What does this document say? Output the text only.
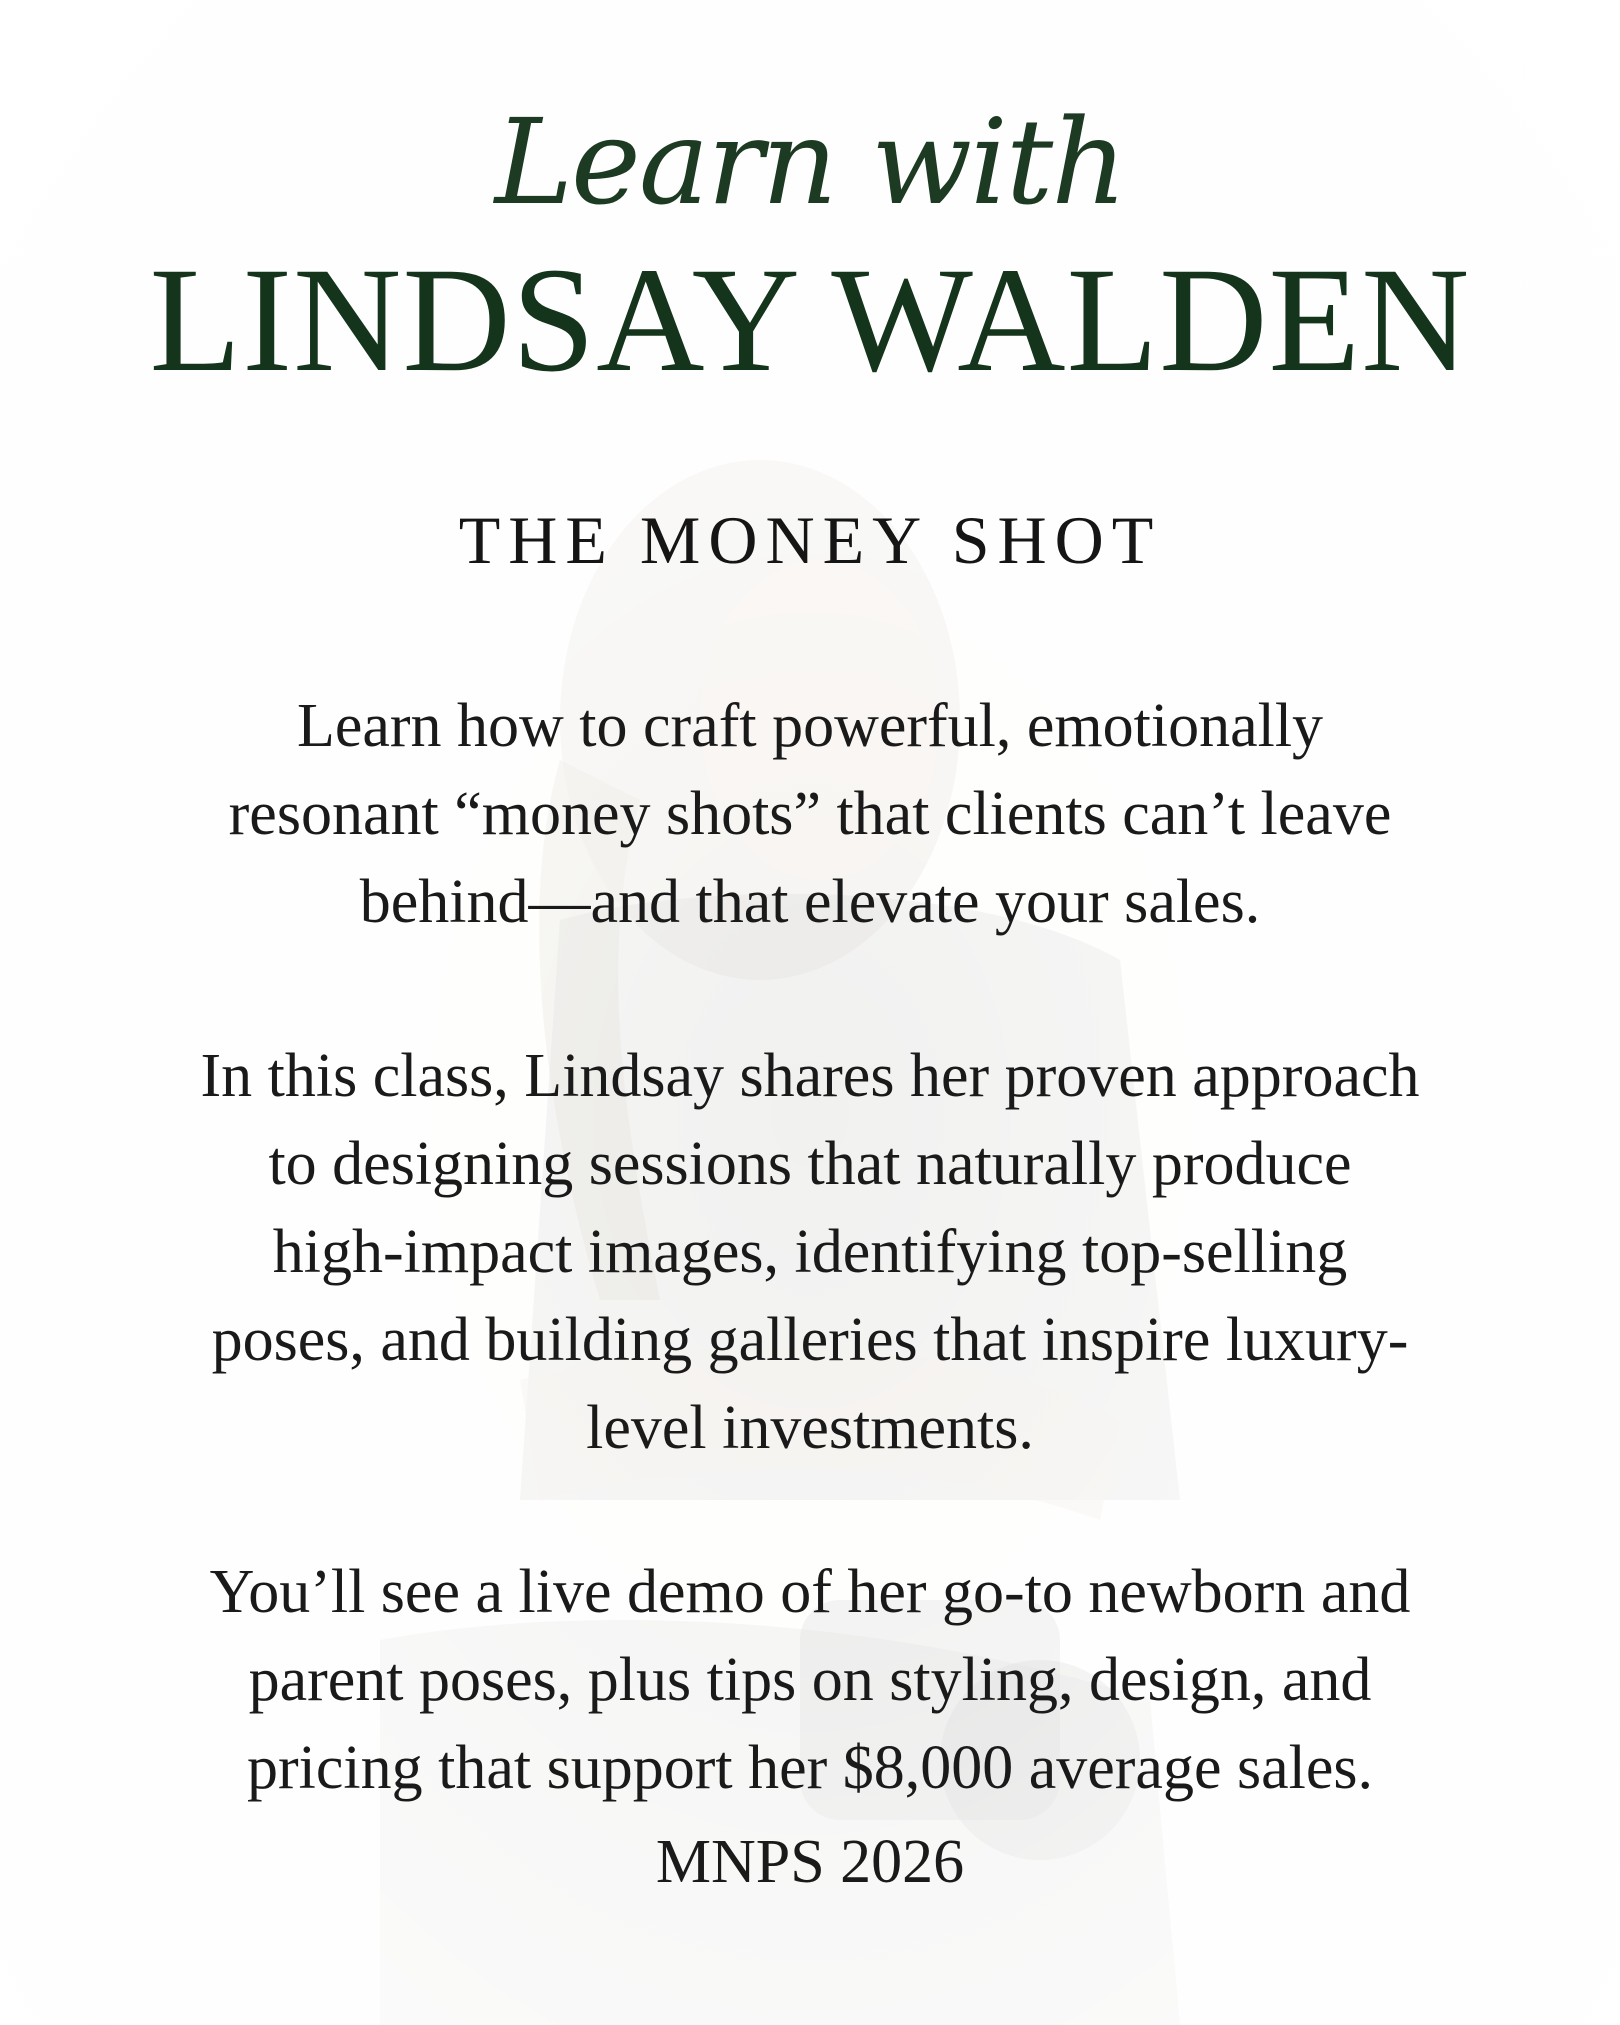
Learn with
LINDSAY WALDEN
THE MONEY SHOT
Learn how to craft powerful, emotionally
resonant “money shots” that clients can’t leave
behind—and that elevate your sales.
In this class, Lindsay shares her proven approach
to designing sessions that naturally produce
high-impact images, identifying top-selling
poses, and building galleries that inspire luxury-
level investments.
You’ll see a live demo of her go-to newborn and
parent poses, plus tips on styling, design, and
pricing that support her $8,000 average sales.
MNPS 2026
